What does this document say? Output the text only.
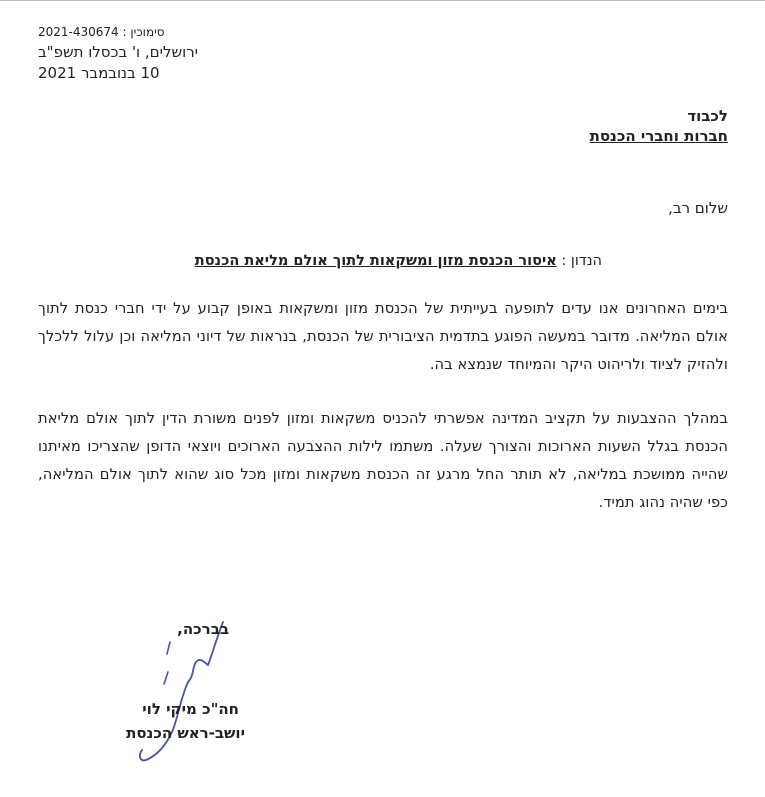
2021-430674 סימוכין :
ירושלים, ו' בכסלו תשפ"ב
10 בנובמבר 2021
לכבוד
חברות וחברי הכנסת
שלום רב,
הנדון : איסור הכנסת מזון ומשקאות לתוך אולם מליאת הכנסת
בימים האחרונים אנו עדים לתופעה בעייתית של הכנסת מזון ומשקאות באופן קבוע על ידי חברי כנסת לתוך אולם המליאה. מדובר במעשה הפוגע בתדמית הציבורית של הכנסת, בנראות של דיוני המליאה וכן עלול ללכלך ולהזיק לציוד ולריהוט היקר והמיוחד שנמצא בה.
במהלך ההצבעות על תקציב המדינה אפשרתי להכניס משקאות ומזון לפנים משורת הדין לתוך אולם מליאת הכנסת בגלל השעות הארוכות והצורך שעלה. משתמו לילות ההצבעה הארוכים ויוצאי הדופן שהצריכו מאיתנו שהייה ממושכת במליאה, לא תותר החל מרגע זה הכנסת משקאות ומזון מכל סוג שהוא לתוך אולם המליאה, כפי שהיה נהוג תמיד.
בברכה,
חה"כ מיקי לוי
יושב-ראש הכנסת
